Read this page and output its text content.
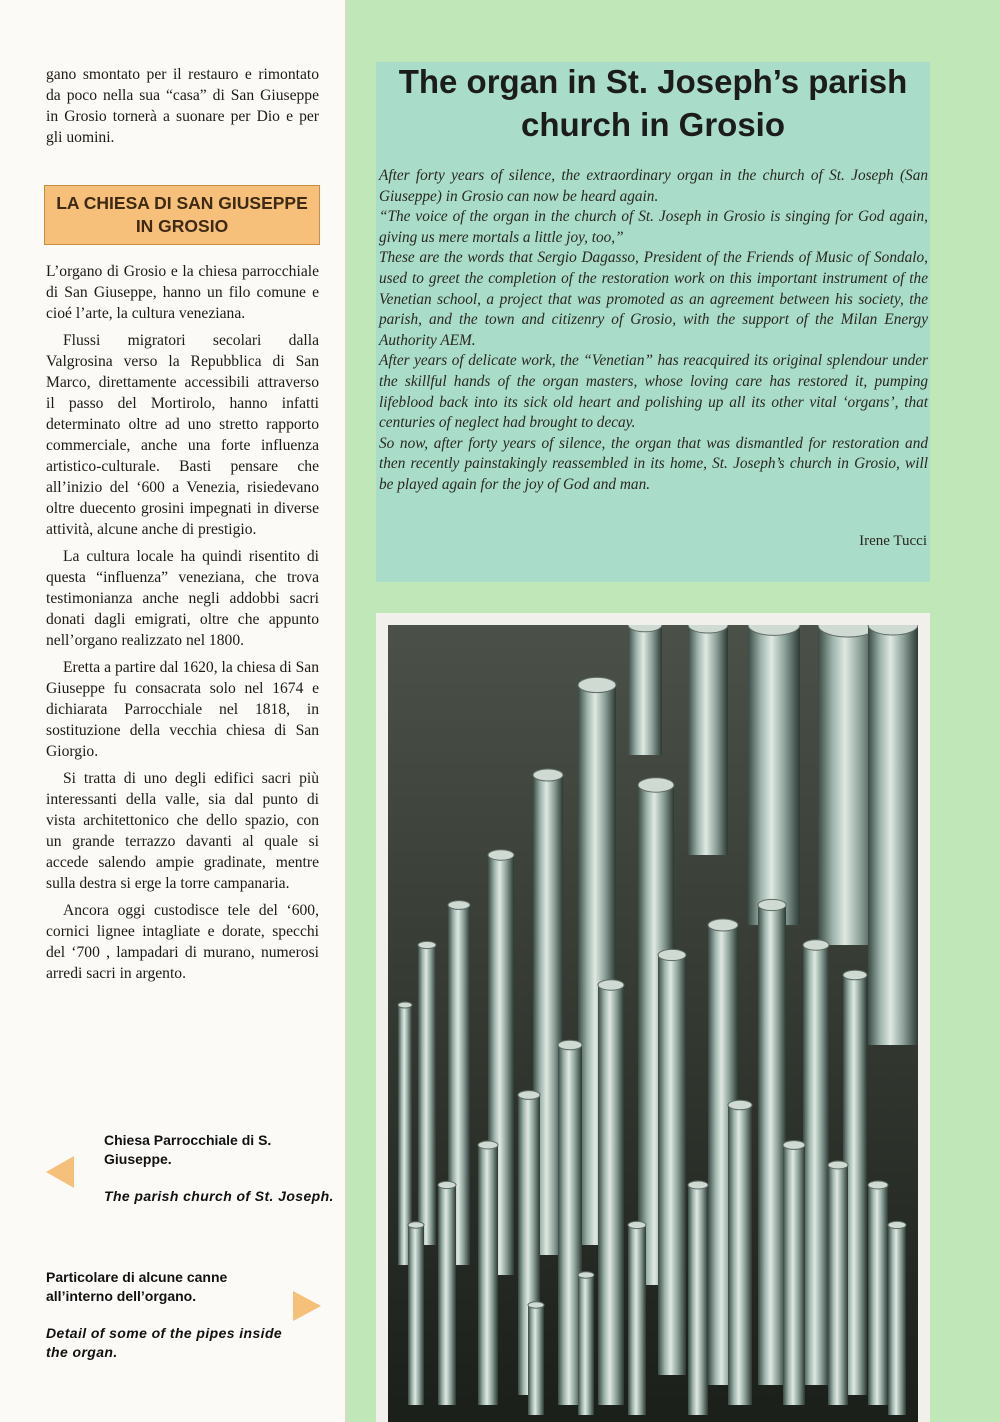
gano smontato per il restauro e rimontato da poco nella sua “casa” di San Giuseppe in Grosio tornerà a suonare per Dio e per gli uomini.

LA CHIESA DI SAN GIUSEPPE IN GROSIO

L’organo di Grosio e la chiesa parrocchiale di San Giuseppe, hanno un filo comune e cioé l’arte, la cultura veneziana.

Flussi migratori secolari dalla Valgrosina verso la Repubblica di San Marco, direttamente accessibili attraverso il passo del Mortirolo, hanno infatti determinato oltre ad uno stretto rapporto commerciale, anche una forte influenza artistico-culturale. Basti pensare che all’inizio del ‘600 a Venezia, risiedevano oltre duecento grosini impegnati in diverse attività, alcune anche di prestigio.

La cultura locale ha quindi risentito di questa “influenza” veneziana, che trova testimonianza anche negli addobbi sacri donati dagli emigrati, oltre che appunto nell’organo realizzato nel 1800.

Eretta a partire dal 1620, la chiesa di San Giuseppe fu consacrata solo nel 1674 e dichiarata Parrocchiale nel 1818, in sostituzione della vecchia chiesa di San Giorgio.

Si tratta di uno degli edifici sacri più interessanti della valle, sia dal punto di vista architettonico che dello spazio, con un grande terrazzo davanti al quale si accede salendo ampie gradinate, mentre sulla destra si erge la torre campanaria.

Ancora oggi custodisce tele del ‘600, cornici lignee intagliate e dorate, specchi del ‘700 , lampadari di murano, numerosi arredi sacri in argento.

Chiesa Parrocchiale di S. Giuseppe.

The parish church of St. Joseph.

Particolare di alcune canne all’interno dell’organo.

Detail of some of the pipes inside the organ.

The organ in St. Joseph’s parish church in Grosio

After forty years of silence, the extraordinary organ in the church of St. Joseph (San Giuseppe) in Grosio can now be heard again.

“The voice of the organ in the church of St. Joseph in Grosio is singing for God again, giving us mere mortals a little joy, too,”

These are the words that Sergio Dagasso, President of the Friends of Music of Sondalo, used to greet the completion of the restoration work on this important instrument of the Venetian school, a project that was promoted as an agreement between his society, the parish, and the town and citizenry of Grosio, with the support of the Milan Energy Authority AEM.

After years of delicate work, the “Venetian” has reacquired its original splendour under the skillful hands of the organ masters, whose loving care has restored it, pumping lifeblood back into its sick old heart and polishing up all its other vital ‘organs’, that centuries of neglect had brought to decay.

So now, after forty years of silence, the organ that was dismantled for restoration and then recently painstakingly reassembled in its home, St. Joseph’s church in Grosio, will be played again for the joy of God and man.

Irene Tucci
